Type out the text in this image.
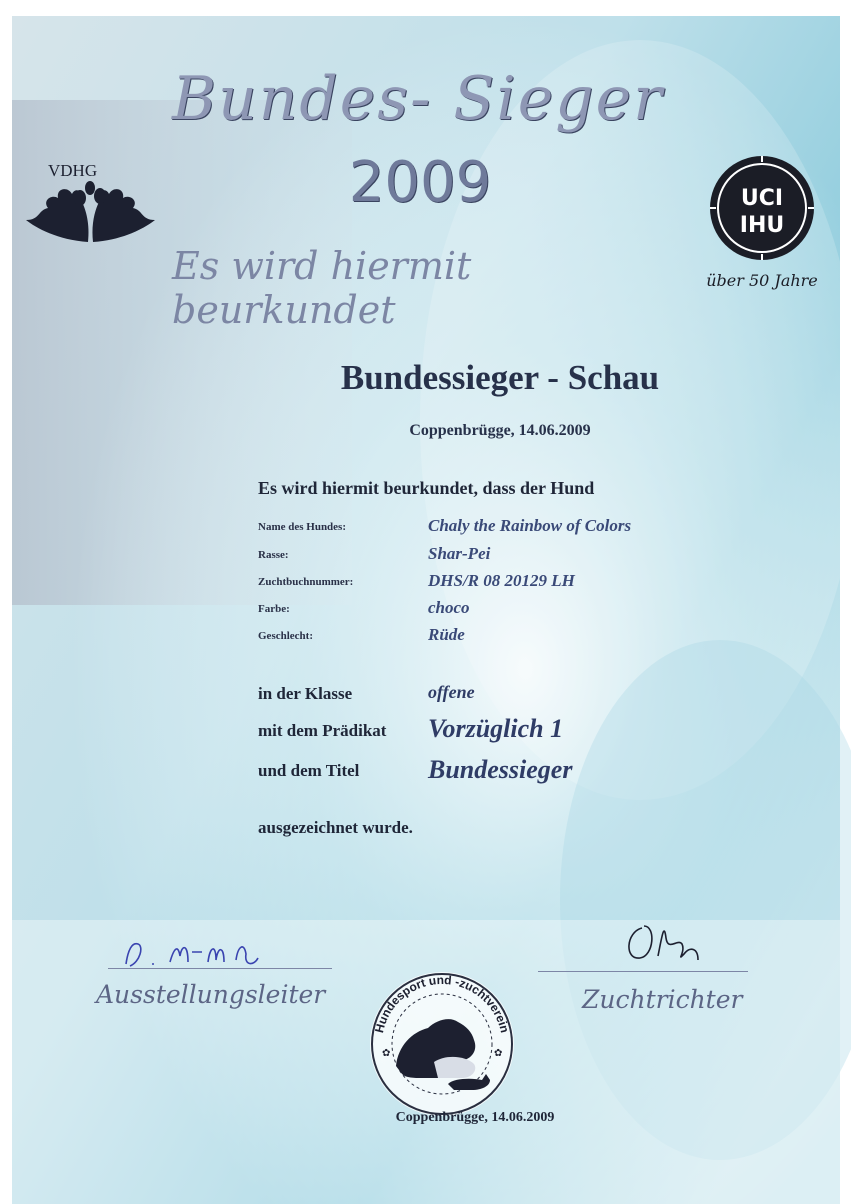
VDHG
UCI
IHU
über 50 Jahre
Bundes- Sieger
2009
Es wird hiermit beurkundet
Bundessieger - Schau
Coppenbrügge, 14.06.2009
Es wird hiermit beurkundet, dass der Hund
Name des Hundes:	Chaly the Rainbow of Colors
Rasse:	Shar-Pei
Zuchtbuchnummer:	DHS/R 08 20129 LH
Farbe:	choco
Geschlecht:	Rüde
in der Klasse	offene
mit dem Prädikat Vorzüglich 1
und dem Titel	Bundessieger
ausgezeichnet wurde.
Ausstellungsleiter	Zuchtrichter
Hundesport und -zuchtverein
✿	✿
Coppenbrügge, 14.06.2009
